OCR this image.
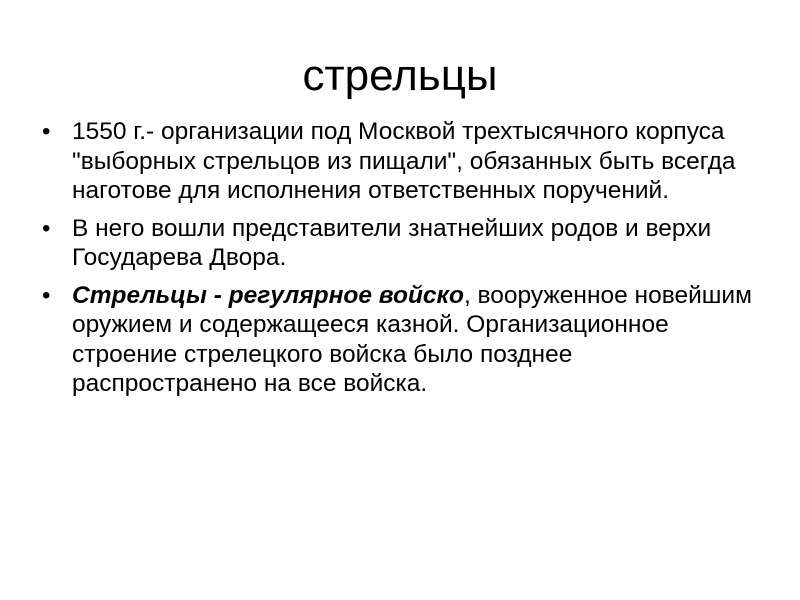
стрельцы
• 1550 г.- организации под Москвой трехтысячного корпуса "выборных стрельцов из пищали", обязанных быть всегда наготове для исполнения ответственных поручений.
• В него вошли представители знатнейших родов и верхи Государева Двора.
• Стрельцы - регулярное войско, вооруженное новейшим оружием и содержащееся казной. Организационное строение стрелецкого войска было позднее распространено на все войска.
